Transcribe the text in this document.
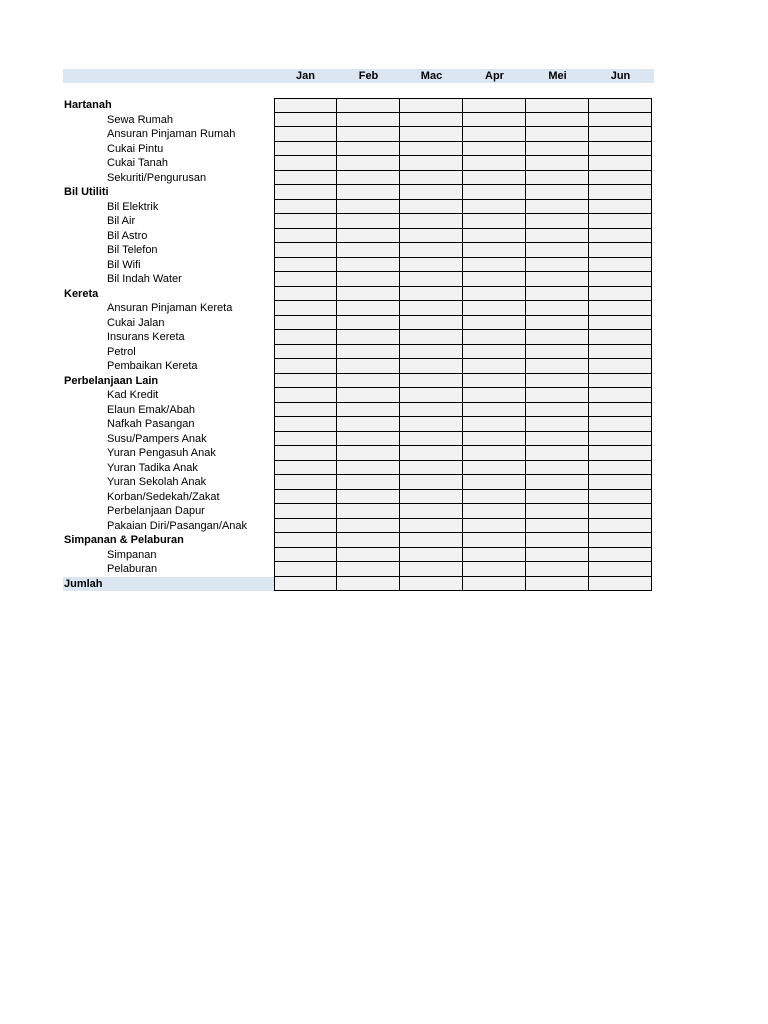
Jan	Feb	Mac	Apr	Mei	Jun
Hartanah
Sewa Rumah
Ansuran Pinjaman Rumah
Cukai Pintu
Cukai Tanah
Sekuriti/Pengurusan
Bil Utiliti
Bil Elektrik
Bil Air
Bil Astro
Bil Telefon
Bil Wifi
Bil Indah Water
Kereta
Ansuran Pinjaman Kereta
Cukai Jalan
Insurans Kereta
Petrol
Pembaikan Kereta
Perbelanjaan Lain
Kad Kredit
Elaun Emak/Abah
Nafkah Pasangan
Susu/Pampers Anak
Yuran Pengasuh Anak
Yuran Tadika Anak
Yuran Sekolah Anak
Korban/Sedekah/Zakat
Perbelanjaan Dapur
Pakaian Diri/Pasangan/Anak
Simpanan & Pelaburan
Simpanan
Pelaburan
Jumlah
